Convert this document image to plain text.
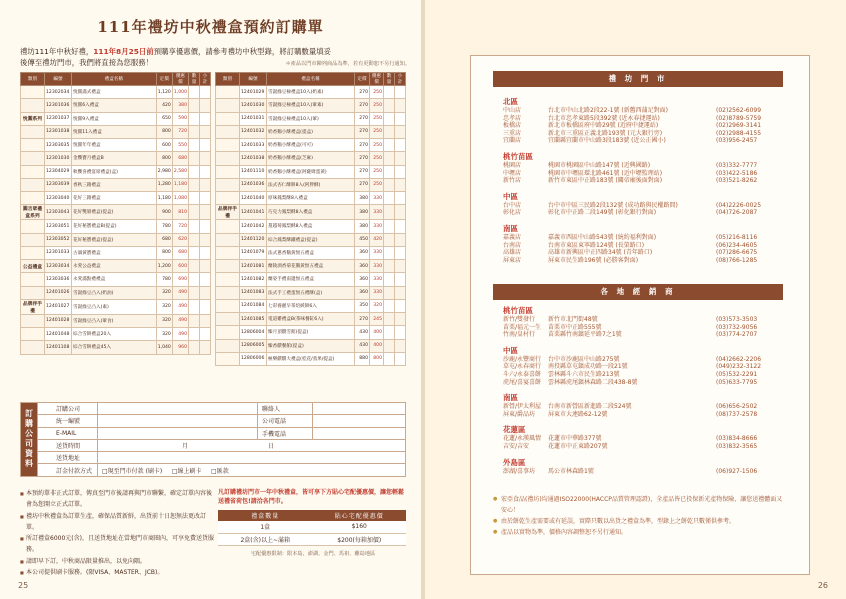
111年禮坊中秋禮盒預約訂購單
禮坊111年中秋好禮，111年8月25日前預購享優惠價，請參考禮坊中秋型錄，將訂購數量填妥
後傳至禮坊門市，我們將直接為您服務！	＊產品以門市陳列商品為準，若有更動恕不另行通知。
類別	編號	禮盒名稱	定價	優惠價	數量	小計
	12302034	悅圓滿式禮盒	1,120	1,000		
	12301036	悅圓6入禮盒	420	380		
悅圓系列	12301037	悅圓9入禮盒	650	590		
	12301038	悅圓11入禮盒	800	720		
	12303035	悅圓年年禮盒	600	550		
	12301030	金饗寶月禮盒B	800	680		
	12304029	秋饗喜禮宴席禮盒(盒)	2,980	2,580		
	12303039	香秋三籍禮盒	1,280	1,180		
	12303040	花好三籍禮盒	1,180	1,080		
圓吉眾禮盒系列	12303043	花好雙層禮盒(提盒)	900	810		
	12303051	花好秘寶禮盒B(提盒)	780	720		
	12303052	花好秘寶禮盒(提盒)	680	620		
	12301033	古韻黃寶禮盒	800	680		
公益禮盒	12303034	永愛公益禮盒	1,200	600		
	12303036	永愛滿點禮禮盒	780	690		
	12401026	雪誕綠豆凸入(奶油)	320	490		
品牌伴手禮	12401027	雪誕綠豆凸入(素)	320	490		
	12401028	雪誕綠豆凸入(葷食)	320	490		
	12401048	綜合雪餅禮盒20入	320	490		
	12401108	綜合雪餅禮盒45入	1,040	960		
類別	編號	禮盒名稱	定價	優惠價	數量	小計
	12401029	雪誕綠豆椪禮盒10入(奶素)	270	250		
	12401030	雪誕綠豆椪禮盒10入(葷素)	270	250		
	12401031	雪誕綠豆椪禮盒10入(葷)	270	250		
	12401032	奶香鵝小酥禮盒(提盒)	270	250		
	12401033	奶香鵝小酥禮盒(可可)	270	250		
	12401038	奶香鵝小酥禮盒(芝麻)	270	250		
	12401110	奶香鵝小酥禮盒(阿薩姆蛋黃)	270	250		
	12401036	法式杏仁酥餅8入(阿胖酥)	270	250		
	12401040	原味鳳梨酥8入禮盒	380	330		
品牌伴手禮	12401041	巧克力鳳梨酥8入禮盒	380	330		
	12401042	蔓越莓鳳梨酥8入禮盒	380	330		
	12401120	綜合鳳梨酥鐵禮盒(提盒)	450	420		
	12401079	法式蔥香鵝黃無五禮盒	360	330		
	12401081	蘭陵酒香菊花鵝黃無五禮盒	360	330		
	12401082	蘭姿手禮南邊無五禮盒	360	330		
	12401083	法式手工禮蛋無五禮酥(盒)	360	330		
	12401084	七彩養麗早茶焙緩餅6入	350	320		
	12401085	電道雞禮盒B(茶味餐缸6入)	270	245		
	12806004	臻月頂饌雪館(提盒)	430	400		
	12806005	臻香饌餐館(提盒)	430	400		
	12806006	極樂饌饌大禮盒(桂花/蒸果/提盒)	880	800		
訂購公司資料	訂購公司		聯絡人	
	統一編號		公司電話	
	E-MAIL		手機電話	
	送貨時間	月 日		
	送貨地址			
	訂金付款方式	□現至門市付款 (刷卡) □線上刷卡 □匯款		
■ 本預約單非正式訂單，傳真至門市後請再與門市聯繫，確定訂單內容後會為您開立正式訂單。
■ 禮坊中秋禮盒為訂單生產，確保品質新鮮，出貨前十日恕無法更改訂單。
■ 所訂禮盒6000元(含)，且送貨地址在當地門市商圈內，可享免費送貨服務。
■ 請即早下訂，中秋商品限量推出，以免向隅。
■ 本公司提供刷卡服務。(限VISA、MASTER、JCB)。
凡訂購禮坊門市一年中秋禮盒，皆可享下方貼心宅配優惠價，讓您輕鬆送禮省荷包!請洽各門市。
禮盒數量	貼心宅配優惠價
1盒	$160
2盒(含)以上~滿箱	$200(每箱加價)
宅配優惠限制：限本島，澎湖、金門、馬祖、離島地區
25	26
禮 坊 門 市
北區
中山店	台北市中山北路2段22-1號 (新舊西蒲足對面)	(02)2562-6099
忠孝店	台北市忠孝東路5段392號 (近永春捷運站)	(02)8789-5759
板橋店	新北市板橋區府中路29號 (近府中捷運站)	(02)2969-3141
三重店	新北市三重區正義北路193號 (元大銀行旁)	(02)2988-4155
宜蘭店	宜蘭縣宜蘭市中山路3段183號 (近公正國小)	(03)956-2457
桃竹苗區
桃園店	桃園市桃園區中山路147號 (近興國路)	(03)332-7777
中壢店	桃園市中壢區環北路461號 (近中壢監理站)	(03)422-5186
新竹店	新竹市東區中正路183號 (關帝廟後面對面)	(03)521-8262
中區
台中店	台中市中區三民路2段132號 (成功路與民權路間)	(04)2226-0025
彰化店	彰化市中正路二段149號 (彰化銀行對面)	(04)726-2087
南區
嘉義店	嘉義市西區中山路543號 (統約福利對面)	(05)216-8116
台南店	台南市東區東寧路124號 (長榮路口)	(06)234-4605
高雄店	高雄市新興區中正四路34號 (青年路口)	(07)286-6675
屏東店	屏東市民生路196號 (必勝客對面)	(08)766-1285
各 地 經 銷 商
桃竹苗區
新竹/雙發行	新竹市北門街48號	(03)573-3503
苗栗/福元一生	苗栗市中正路555號	(03)732-9056
竹南/皇村行	苗栗縣竹南鎮延平路7之1號	(03)774-2707
中區
沙鹿/永豐商行	台中市沙鹿區中山路275號	(04)2662-2206
草屯/永春商行	南投縣草屯鎮成功路一段21號	(049)232-3122
斗六/永泰喜餅	雲林縣斗六市民生路213號	(05)532-2291
虎尾/喜宴喜餅	雲林縣虎尾鎮林森路二段438-8號	(05)633-7795
南區
新營/伊太利屋	台南市新營區新進路二段524號	(06)656-2502
屏東/爵品坊	屏東市大連路62-12號	(08)737-2578
花蓮區
花蓮/永漢風情	花蓮市中華路377號	(03)834-8666
吉安/吉安	花蓮市中正東路207號	(03)832-3565
外島區
澎湖/喜事坊	馬公市林森路1號	(06)927-1506
● 宏亞食品(禮坊)均通過ISO22000(HACCP品質管理認證)，全產品皆已投保新光產物保險，讓您送禮體面又安心！
● 由於餅乾生產需要或有延誤，實際只數以出貨之禮盒為準，型錄上之餅乾只數僅供參考。
● 產品以實物為準，價格內容調整恕不另行通知。
